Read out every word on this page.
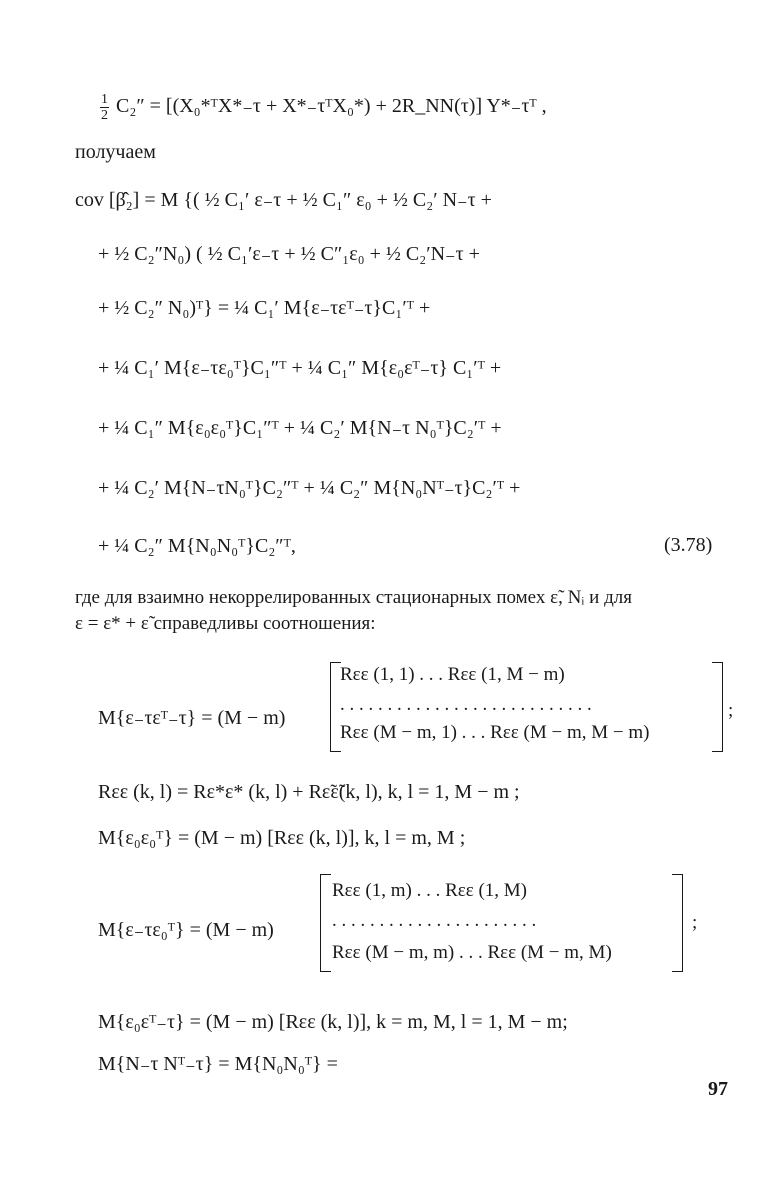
$\frac{1}{2} C_2''$ = [(X₀*ᵀX*₋τ + X*₋τᵀX₀*) + 2R_NN(τ)] Y*₋τᵀ ,
получаем
cov [β̂₂] = M {( ½ C₁′ ε₋τ + ½ C₁″ ε₀ + ½ C₂′ N₋τ +
+ ½ C₂″N₀) ( ½ C₁′ε₋τ + ½ C″₁ε₀ + ½ C₂′N₋τ +
+ ½ C₂″ N₀)ᵀ} = ¼ C₁′ M{ε₋τεᵀ₋τ}C₁′ᵀ +
+ ¼ C₁′ M{ε₋τε₀ᵀ}C₁″ᵀ + ¼ C₁″ M{ε₀εᵀ₋τ} C₁′ᵀ +
+ ¼ C₁″ M{ε₀ε₀ᵀ}C₁″ᵀ + ¼ C₂′ M{N₋τ N₀ᵀ}C₂′ᵀ +
+ ¼ C₂′ M{N₋τN₀ᵀ}C₂″ᵀ + ¼ C₂″ M{N₀Nᵀ₋τ}C₂′ᵀ +
+ ¼ C₂″ M{N₀N₀ᵀ}C₂″ᵀ,	(3.78)
где для взаимно некоррелированных стационарных помех ε̃, Nᵢ и для
ε = ε* + ε̃ справедливы соотношения:
M{ε₋τεᵀ₋τ} = (M − m)
Rεε (1, 1) . . . Rεε (1, M − m)
. . . . . . . . . . . . . . . . . . . . . . . . . . .
Rεε (M − m, 1) . . . Rεε (M − m, M − m)
;
Rεε (k, l) = Rε*ε* (k, l) + Rε̃ε̃(k, l), k, l = 1, M − m ;
M{ε₀ε₀ᵀ} = (M − m) [Rεε (k, l)], k, l = m, M ;
M{ε₋τε₀ᵀ} = (M − m)
Rεε (1, m) . . . Rεε (1, M)
. . . . . . . . . . . . . . . . . . . . . .
Rεε (M − m, m) . . . Rεε (M − m, M)
;
M{ε₀εᵀ₋τ} = (M − m) [Rεε (k, l)], k = m, M, l = 1, M − m;
M{N₋τ Nᵀ₋τ} = M{N₀N₀ᵀ} =
97
